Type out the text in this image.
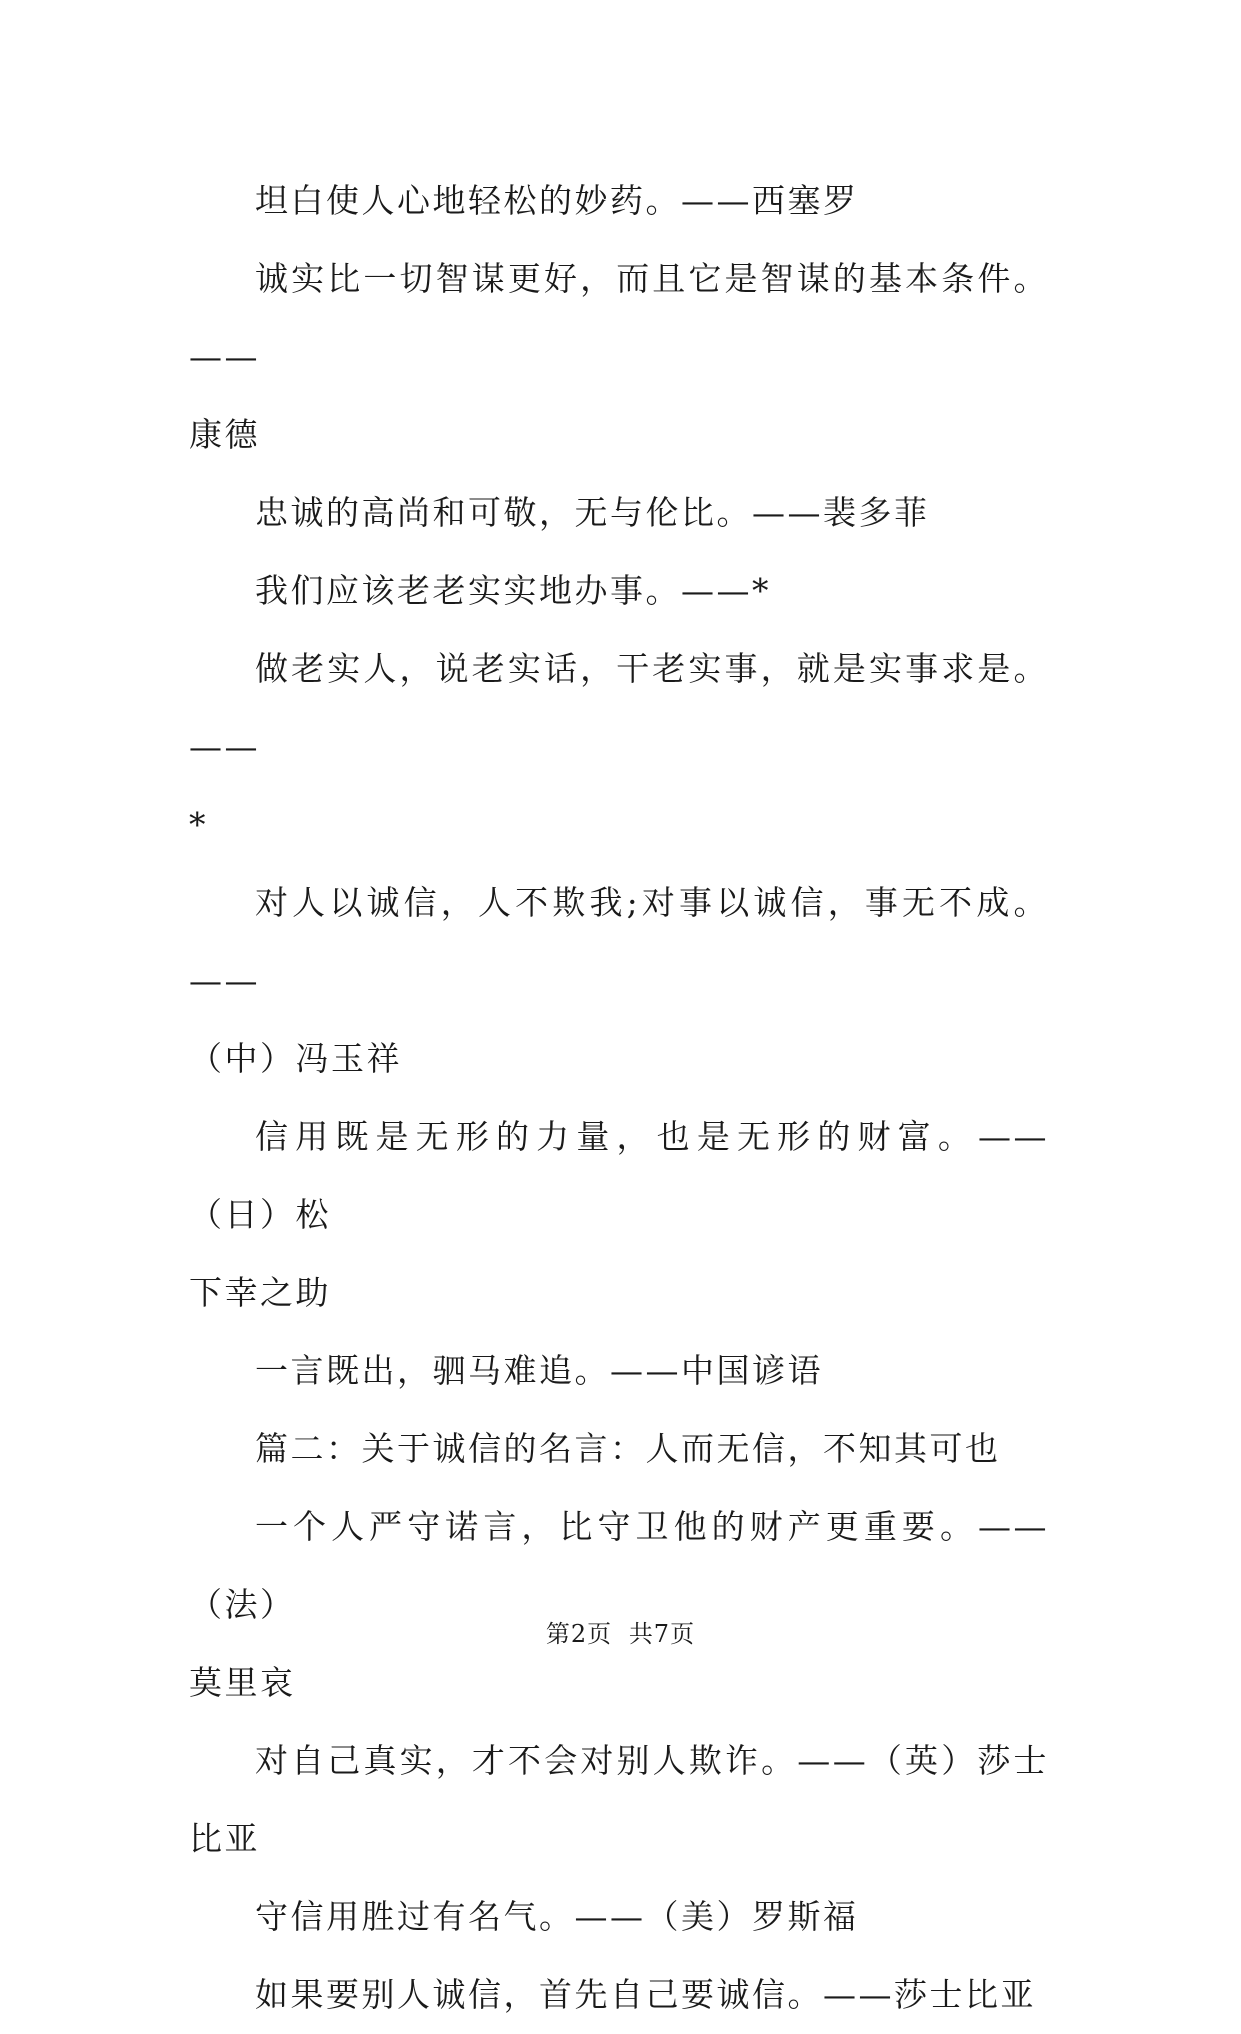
坦白使人心地轻松的妙药。——西塞罗

诚实比一切智谋更好，而且它是智谋的基本条件。——

康德

忠诚的高尚和可敬，无与伦比。——裴多菲

我们应该老老实实地办事。——*

做老实人，说老实话，干老实事，就是实事求是。——

*

对人以诚信，人不欺我;对事以诚信，事无不成。——

（中）冯玉祥

信用既是无形的力量，也是无形的财富。——（日）松

下幸之助

一言既出，驷马难追。——中国谚语

篇二：关于诚信的名言：人而无信，不知其可也

一个人严守诺言，比守卫他的财产更重要。——（法）

莫里哀

对自己真实，才不会对别人欺诈。——（英）莎士比亚

守信用胜过有名气。——（美）罗斯福

如果要别人诚信，首先自己要诚信。——莎士比亚

第2页 共7页
